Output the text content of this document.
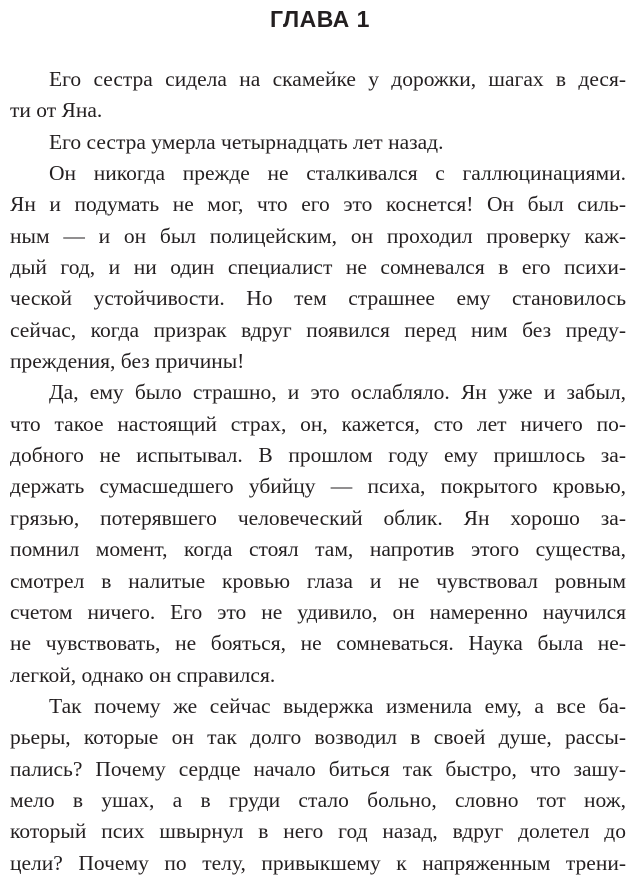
ГЛАВА 1
Его сестра сидела на скамейке у дорожки, шагах в деся-
ти от Яна.
Его сестра умерла четырнадцать лет назад.
Он никогда прежде не сталкивался с галлюцинациями.
Ян и подумать не мог, что его это коснется! Он был силь-
ным — и он был полицейским, он проходил проверку каж-
дый год, и ни один специалист не сомневался в его психи-
ческой устойчивости. Но тем страшнее ему становилось
сейчас, когда призрак вдруг появился перед ним без преду-
преждения, без причины!
Да, ему было страшно, и это ослабляло. Ян уже и забыл,
что такое настоящий страх, он, кажется, сто лет ничего по-
добного не испытывал. В прошлом году ему пришлось за-
держать сумасшедшего убийцу — психа, покрытого кровью,
грязью, потерявшего человеческий облик. Ян хорошо за-
помнил момент, когда стоял там, напротив этого существа,
смотрел в налитые кровью глаза и не чувствовал ровным
счетом ничего. Его это не удивило, он намеренно научился
не чувствовать, не бояться, не сомневаться. Наука была не-
легкой, однако он справился.
Так почему же сейчас выдержка изменила ему, а все ба-
рьеры, которые он так долго возводил в своей душе, рассы-
пались? Почему сердце начало биться так быстро, что зашу-
мело в ушах, а в груди стало больно, словно тот нож,
который псих швырнул в него год назад, вдруг долетел до
цели? Почему по телу, привыкшему к напряженным трени-
